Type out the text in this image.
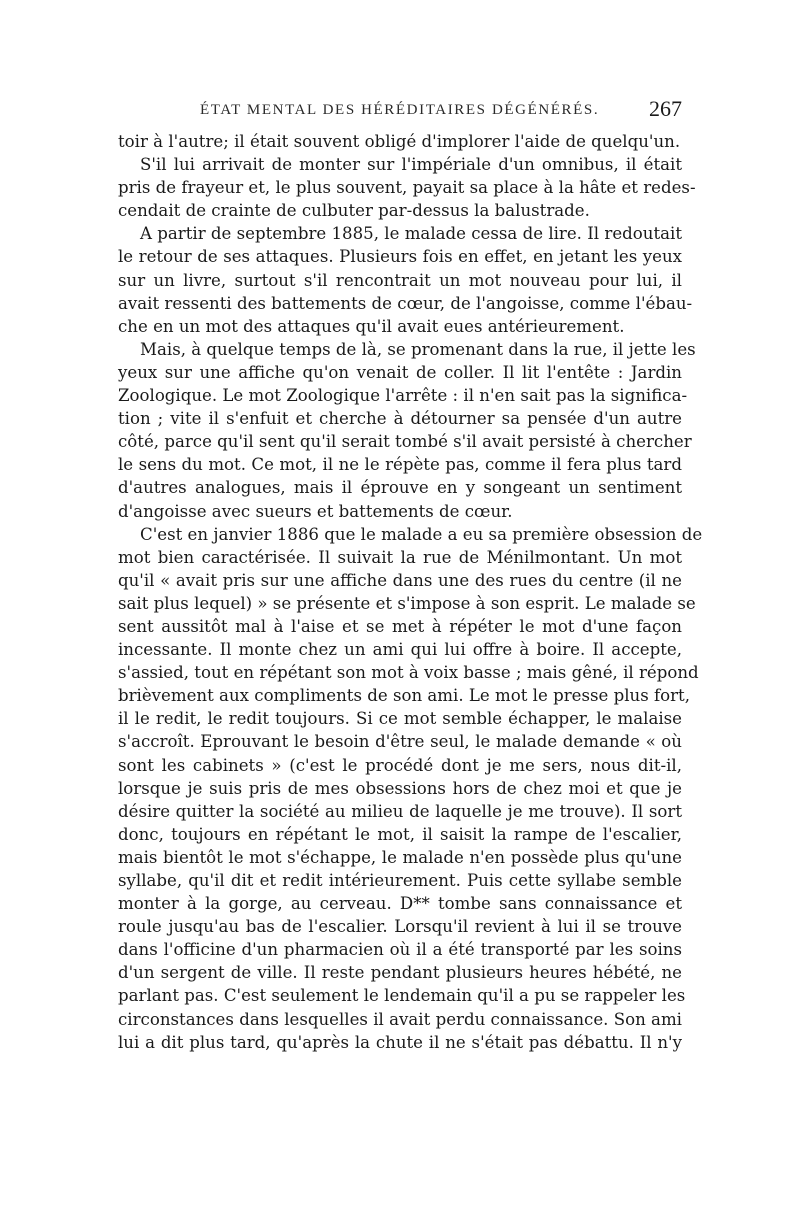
ÉTAT MENTAL DES HÉRÉDITAIRES DÉGÉNÉRÉS. 267
toir à l'autre; il était souvent obligé d'implorer l'aide de quelqu'un.
S'il lui arrivait de monter sur l'impériale d'un omnibus, il était
pris de frayeur et, le plus souvent, payait sa place à la hâte et redes-
cendait de crainte de culbuter par-dessus la balustrade.
A partir de septembre 1885, le malade cessa de lire. Il redoutait
le retour de ses attaques. Plusieurs fois en effet, en jetant les yeux
sur un livre, surtout s'il rencontrait un mot nouveau pour lui, il
avait ressenti des battements de cœur, de l'angoisse, comme l'ébau-
che en un mot des attaques qu'il avait eues antérieurement.
Mais, à quelque temps de là, se promenant dans la rue, il jette les
yeux sur une affiche qu'on venait de coller. Il lit l'entête : Jardin
Zoologique. Le mot Zoologique l'arrête : il n'en sait pas la significa-
tion ; vite il s'enfuit et cherche à détourner sa pensée d'un autre
côté, parce qu'il sent qu'il serait tombé s'il avait persisté à chercher
le sens du mot. Ce mot, il ne le répète pas, comme il fera plus tard
d'autres analogues, mais il éprouve en y songeant un sentiment
d'angoisse avec sueurs et battements de cœur.
C'est en janvier 1886 que le malade a eu sa première obsession de
mot bien caractérisée. Il suivait la rue de Ménilmontant. Un mot
qu'il « avait pris sur une affiche dans une des rues du centre (il ne
sait plus lequel) » se présente et s'impose à son esprit. Le malade se
sent aussitôt mal à l'aise et se met à répéter le mot d'une façon
incessante. Il monte chez un ami qui lui offre à boire. Il accepte,
s'assied, tout en répétant son mot à voix basse ; mais gêné, il répond
brièvement aux compliments de son ami. Le mot le presse plus fort,
il le redit, le redit toujours. Si ce mot semble échapper, le malaise
s'accroît. Eprouvant le besoin d'être seul, le malade demande « où
sont les cabinets » (c'est le procédé dont je me sers, nous dit-il,
lorsque je suis pris de mes obsessions hors de chez moi et que je
désire quitter la société au milieu de laquelle je me trouve). Il sort
donc, toujours en répétant le mot, il saisit la rampe de l'escalier,
mais bientôt le mot s'échappe, le malade n'en possède plus qu'une
syllabe, qu'il dit et redit intérieurement. Puis cette syllabe semble
monter à la gorge, au cerveau. D** tombe sans connaissance et
roule jusqu'au bas de l'escalier. Lorsqu'il revient à lui il se trouve
dans l'officine d'un pharmacien où il a été transporté par les soins
d'un sergent de ville. Il reste pendant plusieurs heures hébété, ne
parlant pas. C'est seulement le lendemain qu'il a pu se rappeler les
circonstances dans lesquelles il avait perdu connaissance. Son ami
lui a dit plus tard, qu'après la chute il ne s'était pas débattu. Il n'y
